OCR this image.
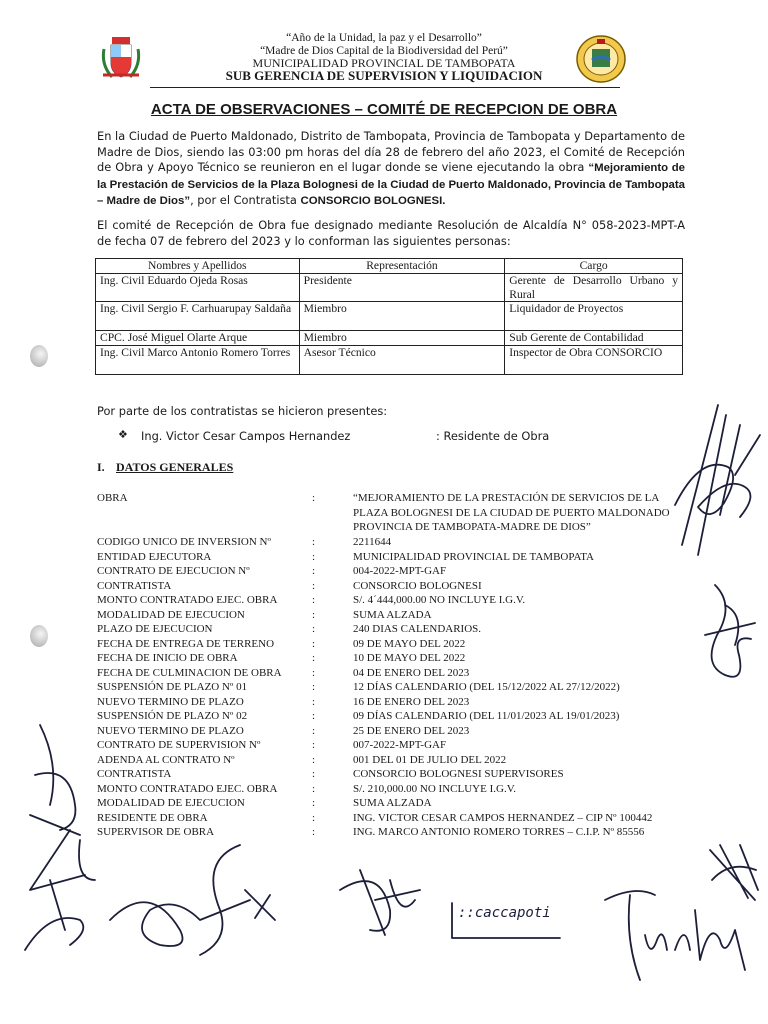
“Año de la Unidad, la paz y el Desarrollo”
“Madre de Dios Capital de la Biodiversidad del Perú”
MUNICIPALIDAD PROVINCIAL DE TAMBOPATA
SUB GERENCIA DE SUPERVISION Y LIQUIDACION
ACTA DE OBSERVACIONES – COMITÉ DE RECEPCION DE OBRA
En la Ciudad de Puerto Maldonado, Distrito de Tambopata, Provincia de Tambopata y Departamento de Madre de Dios, siendo las 03:00 pm horas del día 28 de febrero del año 2023, el Comité de Recepción de Obra y Apoyo Técnico se reunieron en el lugar donde se viene ejecutando la obra “Mejoramiento de la Prestación de Servicios de la Plaza Bolognesi de la Ciudad de Puerto Maldonado, Provincia de Tambopata – Madre de Dios”, por el Contratista CONSORCIO BOLOGNESI.
El comité de Recepción de Obra fue designado mediante Resolución de Alcaldía N° 058-2023-MPT-A de fecha 07 de febrero del 2023 y lo conforman las siguientes personas:
Nombres y Apellidos	Representación	Cargo
Ing. Civil Eduardo Ojeda Rosas	Presidente	Gerente de Desarrollo Urbano y Rural
Ing. Civil Sergio F. Carhuarupay Saldaña	Miembro	Liquidador de Proyectos
CPC. José Miguel Olarte Arque	Miembro	Sub Gerente de Contabilidad
Ing. Civil Marco Antonio Romero Torres	Asesor Técnico	Inspector de Obra CONSORCIO
Por parte de los contratistas se hicieron presentes:
❖ Ing. Victor Cesar Campos Hernandez	: Residente de Obra
I. DATOS GENERALES
OBRA	:	“MEJORAMIENTO DE LA PRESTACIÓN DE SERVICIOS DE LA
PLAZA BOLOGNESI DE LA CIUDAD DE PUERTO MALDONADO
PROVINCIA DE TAMBOPATA-MADRE DE DIOS”
CODIGO UNICO DE INVERSION Nº	:	2211644
ENTIDAD EJECUTORA	:	MUNICIPALIDAD PROVINCIAL DE TAMBOPATA
CONTRATO DE EJECUCION Nº	:	004-2022-MPT-GAF
CONTRATISTA	:	CONSORCIO BOLOGNESI
MONTO CONTRATADO EJEC. OBRA	:	S/. 4´444,000.00 NO INCLUYE I.G.V.
MODALIDAD DE EJECUCION	:	SUMA ALZADA
PLAZO DE EJECUCION	:	240 DIAS CALENDARIOS.
FECHA DE ENTREGA DE TERRENO	:	09 DE MAYO DEL 2022
FECHA DE INICIO DE OBRA	:	10 DE MAYO DEL 2022
FECHA DE CULMINACION DE OBRA	:	04 DE ENERO DEL 2023
SUSPENSIÓN DE PLAZO Nº 01	:	12 DÍAS CALENDARIO (DEL 15/12/2022 AL 27/12/2022)
NUEVO TERMINO DE PLAZO	:	16 DE ENERO DEL 2023
SUSPENSIÓN DE PLAZO Nº 02	:	09 DÍAS CALENDARIO (DEL 11/01/2023 AL 19/01/2023)
NUEVO TERMINO DE PLAZO	:	25 DE ENERO DEL 2023
CONTRATO DE SUPERVISION Nº	:	007-2022-MPT-GAF
ADENDA AL CONTRATO Nº	:	001 DEL 01 DE JULIO DEL 2022
CONTRATISTA	:	CONSORCIO BOLOGNESI SUPERVISORES
MONTO CONTRATADO EJEC. OBRA	:	S/. 210,000.00 NO INCLUYE I.G.V.
MODALIDAD DE EJECUCION	:	SUMA ALZADA
RESIDENTE DE OBRA	:	ING. VICTOR CESAR CAMPOS HERNANDEZ – CIP Nº 100442
SUPERVISOR DE OBRA	:	ING. MARCO ANTONIO ROMERO TORRES – C.I.P. Nº 85556
::caccapoti
